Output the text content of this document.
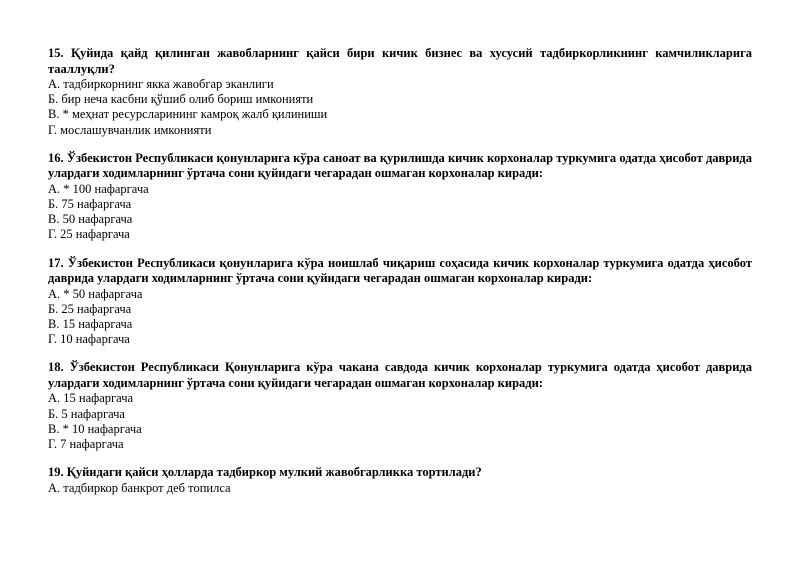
15. Қуйида қайд қилинган жавобларнинг қайси бири кичик бизнес ва хусусий тадбиркорликнинг камчиликларига тааллуқли?

А. тадбиркорнинг якка жавобгар эканлиги
Б. бир неча касбни қўшиб олиб бориш имконияти
В. * меҳнат ресурсларининг камроқ жалб қилиниши
Г. мослашувчанлик имконияти

16. Ўзбекистон Республикаси қонунларига кўра саноат ва қурилишда кичик корхоналар туркумига одатда ҳисобот даврида улардаги ходимларнинг ўртача сони қуйидаги чегарадан ошмаган корхоналар киради:

А. * 100 нафаргача
Б. 75 нафаргача
В. 50 нафаргача
Г. 25 нафаргача

17. Ўзбекистон Республикаси қонунларига кўра ноишлаб чиқариш соҳасида кичик корхоналар туркумига одатда ҳисобот даврида улардаги ходимларнинг ўртача сони қуйидаги чегарадан ошмаган корхоналар киради:

А. * 50 нафаргача
Б. 25 нафаргача
В. 15 нафаргача
Г. 10 нафаргача

18. Ўзбекистон Республикаси Қонунларига кўра чакана савдода кичик корхоналар туркумига одатда ҳисобот даврида улардаги ходимларнинг ўртача сони қуйидаги чегарадан ошмаган корхоналар киради:

А. 15 нафаргача
Б. 5 нафаргача
В. * 10 нафаргача
Г. 7 нафаргача

19. Қуйидаги қайси ҳолларда тадбиркор мулкий жавобгарликка тортилади?

А. тадбиркор банкрот деб топилса
